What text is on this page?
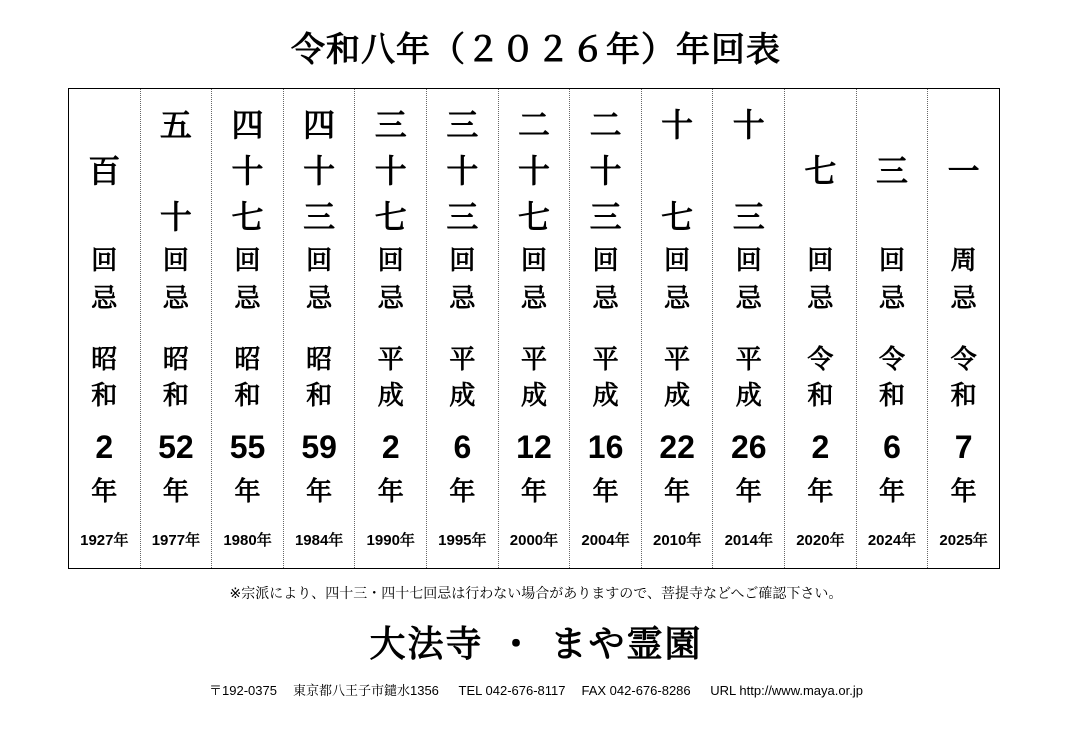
令和八年（２０２６年）年回表
百
回
忌
昭
和
2
年
1927年
五
十
回
忌
昭
和
52
年
1977年
四
十
七
回
忌
昭
和
55
年
1980年
四
十
三
回
忌
昭
和
59
年
1984年
三
十
七
回
忌
平
成
2
年
1990年
三
十
三
回
忌
平
成
6
年
1995年
二
十
七
回
忌
平
成
12
年
2000年
二
十
三
回
忌
平
成
16
年
2004年
十
七
回
忌
平
成
22
年
2010年
十
三
回
忌
平
成
26
年
2014年
七
回
忌
令
和
2
年
2020年
三
回
忌
令
和
6
年
2024年
一
周
忌
令
和
7
年
2025年
※宗派により、四十三・四十七回忌は行わない場合がありますので、菩提寺などへご確認下さい。
大法寺 ・ まや霊園
〒192-0375 東京都八王子市鑓水1356 TEL 042-676-8117 FAX 042-676-8286 URL http://www.maya.or.jp
